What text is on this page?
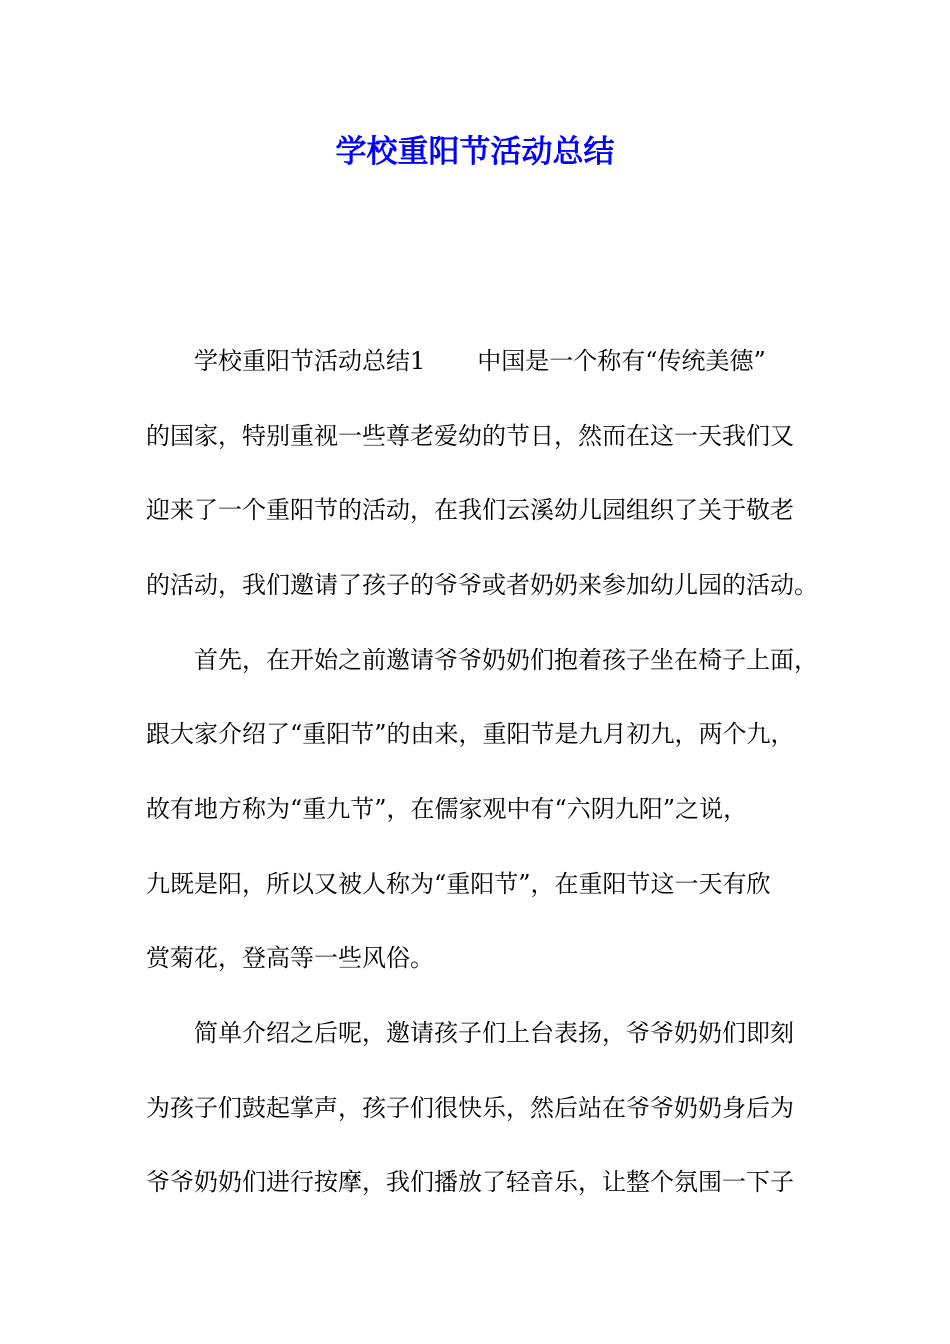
学校重阳节活动总结

学校重阳节活动总结1 中国是一个称有“传统美德”

的国家，特别重视一些尊老爱幼的节日，然而在这一天我们又

迎来了一个重阳节的活动，在我们云溪幼儿园组织了关于敬老

的活动，我们邀请了孩子的爷爷或者奶奶来参加幼儿园的活动。

首先，在开始之前邀请爷爷奶奶们抱着孩子坐在椅子上面，

跟大家介绍了“重阳节”的由来，重阳节是九月初九，两个九，

故有地方称为“重九节”，在儒家观中有“六阴九阳”之说，

九既是阳，所以又被人称为“重阳节”，在重阳节这一天有欣

赏菊花，登高等一些风俗。

简单介绍之后呢，邀请孩子们上台表扬，爷爷奶奶们即刻

为孩子们鼓起掌声，孩子们很快乐，然后站在爷爷奶奶身后为

爷爷奶奶们进行按摩，我们播放了轻音乐，让整个氛围一下子
